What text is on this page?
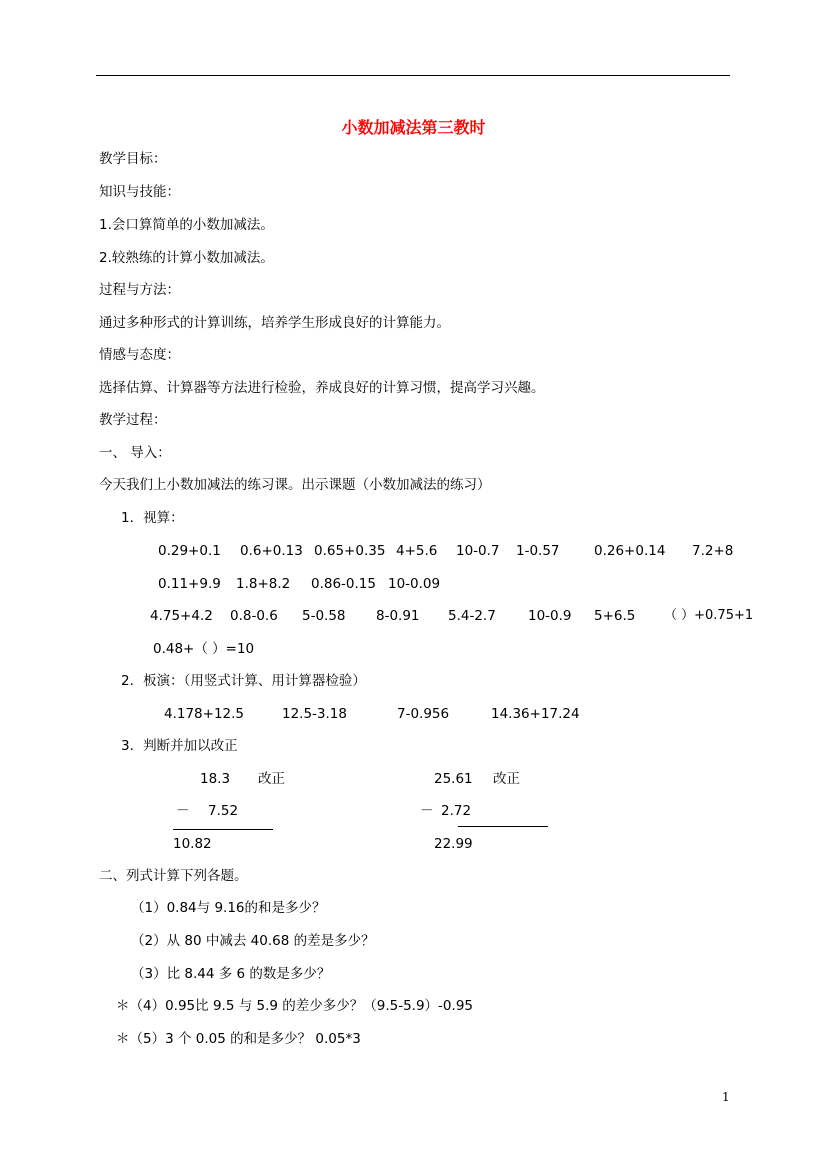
小数加减法第三教时
教学目标：
知识与技能：
1.会口算简单的小数加减法。
2.较熟练的计算小数加减法。
过程与方法：
通过多种形式的计算训练，培养学生形成良好的计算能力。
情感与态度：
选择估算、计算器等方法进行检验，养成良好的计算习惯，提高学习兴趣。
教学过程：
一、 导入：
今天我们上小数加减法的练习课。出示课题（小数加减法的练习）
1．视算：
0.29+0.1 0.6+0.13 0.65+0.35 4+5.6 10-0.7 1-0.57	0.26+0.14 7.2+8
0.11+9.9 1.8+8.2 0.86-0.15 10-0.09
4.75+4.2 0.8-0.6 5-0.58 8-0.91 5.4-2.7 10-0.9 5+6.5 （ ）+0.75+1
0.48+（ ）=10
2．板演：（用竖式计算、用计算器检验）
4.178+12.5	12.5-3.18	7-0.956	14.36+17.24
3．判断并加以改正
18.3 改正
－ 7.52
10.82
25.61 改正
－ 2.72
22.99
二、列式计算下列各题。
（1）0.84与 9.16的和是多少？
（2）从 80 中减去 40.68 的差是多少？
（3）比 8.44 多 6 的数是多少？
＊（4）0.95比 9.5 与 5.9 的差少多少？（9.5-5.9）-0.95
＊（5）3 个 0.05 的和是多少？ 0.05*3
1
